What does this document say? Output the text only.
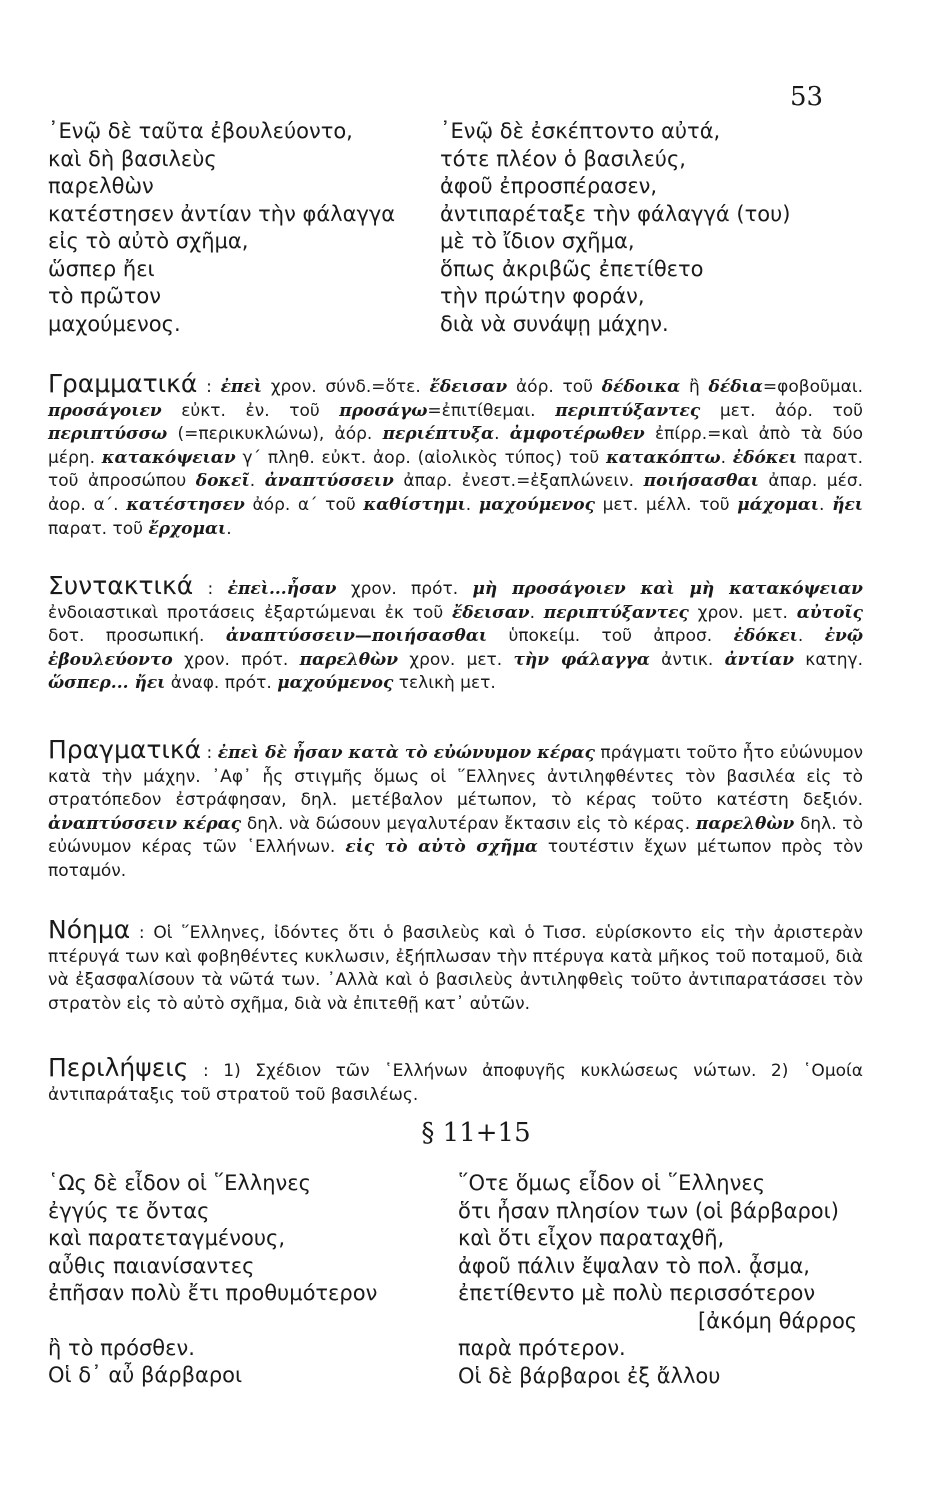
53
᾿Ενῷ δὲ ταῦτα ἐβουλεύοντο,
καὶ δὴ βασιλεὺς
παρελθὼν
κατέστησεν ἀντίαν τὴν φάλαγγα
εἰς τὸ αὐτὸ σχῆμα,
ὥσπερ ἤει
τὸ πρῶτον
μαχούμενος.
᾿Ενῷ δὲ ἐσκέπτοντο αὐτά,
τότε πλέον ὁ βασιλεύς,
ἀφοῦ ἐπροσπέρασεν,
ἀντιπαρέταξε τὴν φάλαγγά (του)
μὲ τὸ ἴδιον σχῆμα,
ὅπως ἀκριβῶς ἐπετίθετο
τὴν πρώτην φοράν,
διὰ νὰ συνάψῃ μάχην.
Γραμματικά : ἐπεὶ χρον. σύνδ.=ὅτε. ἔδεισαν ἀόρ. τοῦ δέδοικα ἢ δέδια=φοβοῦμαι. προσάγοιεν εὐκτ. ἐν. τοῦ προσάγω=ἐπιτίθεμαι. περιπτύξαντες μετ. ἀόρ. τοῦ περιπτύσσω (=περικυκλώνω), ἀόρ. περιέπτυξα. ἀμφοτέρωθεν ἐπίρρ.=καὶ ἀπὸ τὰ δύο μέρη. κατακόψειαν γ΄ πληθ. εὐκτ. ἀορ. (αἰολικὸς τύπος) τοῦ κατακόπτω. ἐδόκει παρατ. τοῦ ἀπροσώπου δοκεῖ. ἀναπτύσσειν ἀπαρ. ἐνεστ.=ἐξαπλώνειν. ποιήσασθαι ἀπαρ. μέσ. ἀορ. α΄. κατέστησεν ἀόρ. α΄ τοῦ καθίστημι. μαχούμενος μετ. μέλλ. τοῦ μάχομαι. ἤει παρατ. τοῦ ἔρχομαι.
Συντακτικά : ἐπεὶ...ἦσαν χρον. πρότ. μὴ προσάγοιεν καὶ μὴ κατακόψειαν ἐνδοιαστικαὶ προτάσεις ἐξαρτώμεναι ἐκ τοῦ ἔδεισαν. περιπτύξαντες χρον. μετ. αὐτοῖς δοτ. προσωπική. ἀναπτύσσειν—ποιήσασθαι ὑποκείμ. τοῦ ἀπροσ. ἐδόκει. ἐνῷ ἐβουλεύοντο χρον. πρότ. παρελθὼν χρον. μετ. τὴν φάλαγγα ἀντικ. ἀντίαν κατηγ. ὥσπερ... ἤει ἀναφ. πρότ. μαχούμενος τελικὴ μετ.
Πραγματικά : ἐπεὶ δὲ ἦσαν κατὰ τὸ εὐώνυμον κέρας πράγματι τοῦτο ἦτο εὐώνυμον κατὰ τὴν μάχην. ᾿Αφ᾿ ἧς στιγμῆς ὅμως οἱ ῞Ελληνες ἀντιληφθέντες τὸν βασιλέα εἰς τὸ στρατόπεδον ἐστράφησαν, δηλ. μετέβαλον μέτωπον, τὸ κέρας τοῦτο κατέστη δεξιόν. ἀναπτύσσειν κέρας δηλ. νὰ δώσουν μεγαλυτέραν ἔκτασιν εἰς τὸ κέρας. παρελθὼν δηλ. τὸ εὐώνυμον κέρας τῶν ῾Ελλήνων. εἰς τὸ αὐτὸ σχῆμα τουτέστιν ἔχων μέτωπον πρὸς τὸν ποταμόν.
Νόημα : Οἱ ῞Ελληνες, ἰδόντες ὅτι ὁ βασιλεὺς καὶ ὁ Τισσ. εὑρίσκοντο εἰς τὴν ἀριστερὰν πτέρυγά των καὶ φοβηθέντες κυκλωσιν, ἐξήπλωσαν τὴν πτέρυγα κατὰ μῆκος τοῦ ποταμοῦ, διὰ νὰ ἐξασφαλίσουν τὰ νῶτά των. ᾿Αλλὰ καὶ ὁ βασιλεὺς ἀντιληφθεὶς τοῦτο ἀντιπαρατάσσει τὸν στρατὸν εἰς τὸ αὐτὸ σχῆμα, διὰ νὰ ἐπιτεθῇ κατ᾿ αὐτῶν.
Περιλήψεις : 1) Σχέδιον τῶν ῾Ελλήνων ἀποφυγῆς κυκλώσεως νώτων. 2) ῾Ομοία ἀντιπαράταξις τοῦ στρατοῦ τοῦ βασιλέως.
§ 11+15
῾Ως δὲ εἶδον οἱ ῞Ελληνες
ἐγγύς τε ὄντας
καὶ παρατεταγμένους,
αὖθις παιανίσαντες
ἐπῆσαν πολὺ ἔτι προθυμότερον
ἢ τὸ πρόσθεν.
Οἱ δ᾿ αὖ βάρβαροι
῞Οτε ὅμως εἶδον οἱ ῞Ελληνες
ὅτι ἦσαν πλησίον των (οἱ βάρβαροι)
καὶ ὅτι εἶχον παραταχθῆ,
ἀφοῦ πάλιν ἔψαλαν τὸ πολ. ᾆσμα,
ἐπετίθεντο μὲ πολὺ περισσότερον
[ἀκόμη θάρρος
παρὰ πρότερον.
Οἱ δὲ βάρβαροι ἐξ ἄλλου
